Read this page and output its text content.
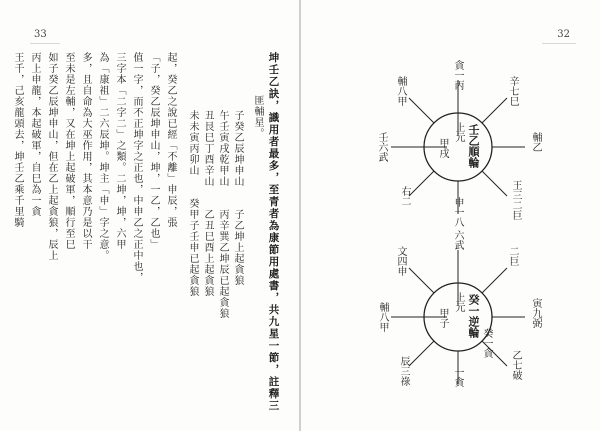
33
王千，己亥龍頭去，坤壬乙乘千里騎 丙上申龍，本起破軍，自巳為一貪 如子癸乙辰坤申山，但在乙上起貪狼，辰上 至未是左輔，又在坤上起破軍，順行至巳 多，且自命為大巫作用，其本意乃是以干 為「康祖」二六辰坤。坤主「申」字之意。 三字本「二字二」之類。二坤，坤，六甲 值一字，而不正坤字之正也，中申乙之正中也， 「子，癸乙辰坤申山，坤，一乙，乙也」 起，癸乙之說已經「不離」申辰，張 未未寅丙卯山　　癸甲子壬申已起貪狼 丑艮巳丁酉辛山　　乙丑巳酉上起貪狼 午壬寅戌乾甲山　　丙辛巽乙坤辰已起貪狼 子癸乙辰坤申山　　子乙坤上起貪狼 匪輔星。 坤壬乙訣，識用者最多，至青者為康節用處書，共九星一節，註釋三
32
上元
甲戌 壬乙順輪
貪一丙
辛七巳
輔乙
王三二巨
申一八
右二
壬六武
輔八甲
上元
甲子 癸一逆輪
癸一貪
文四申
輔八甲
六武
二巨
辰三祿
寅九弼
乙七破
一貪
